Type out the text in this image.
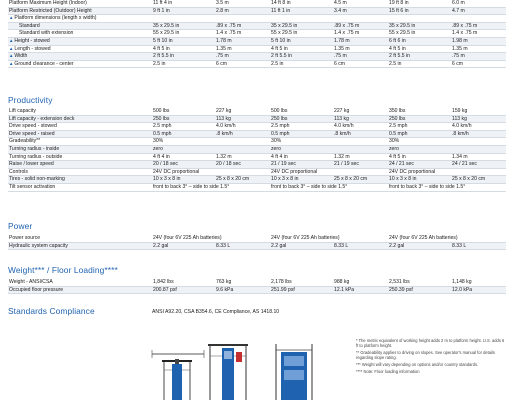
Platform Maximum Height (Indoor)	11 ft 4 in	3.5 m	14 ft 8 in	4.5 m	19 ft 8 in	6.0 m
Platform Restricted (Outdoor) Height	9 ft 1 in	2.8 m	11 ft 1 in	3.4 m	15 ft 6 in	4.7 m
▲Platform dimensions (length x width)						
Standard	35 x 29.5 in	.89 x .75 m	35 x 29.5 in	.89 x .75 m	35 x 29.5 in	.89 x .75 m
Standard with extension	55 x 29.5 in	1.4 x .75 m	55 x 29.5 in	1.4 x .75 m	55 x 29.5 in	1.4 x .75 m
▲Height - stowed	5 ft 10 in	1.78 m	5 ft 10 in	1.78 m	6 ft 6 in	1.98 m
▲Length - stowed	4 ft 5 in	1.35 m	4 ft 5 in	1.35 m	4 ft 5 in	1.35 m
▲Width	2 ft 5.5 in	.75 m	2 ft 5.5 in	.75 m	2 ft 5.5 in	.75 m
▲Ground clearance - center	2.5 in	6 cm	2.5 in	6 cm	2.5 in	6 cm
Productivity
Lift capacity	500 lbs	227 kg	500 lbs	227 kg	350 lbs	159 kg
Lift capacity - extension deck	250 lbs	113 kg	250 lbs	113 kg	250 lbs	113 kg
Drive speed - stowed	2.5 mph	4.0 km/h	2.5 mph	4.0 km/h	2.5 mph	4.0 km/h
Drive speed - raised	0.5 mph	.8 km/h	0.5 mph	.8 km/h	0.5 mph	.8 km/h
Gradeability**	30%		30%		30%	
Turning radius - inside	zero		zero		zero	
Turning radius - outside	4 ft 4 in	1.32 m	4 ft 4 in	1.32 m	4 ft 5 in	1.34 m
Raise / lower speed	20 / 18 sec	20 / 18 sec	21 / 19 sec	21 / 19 sec	24 / 21 sec	24 / 21 sec
Controls	24V DC proportional		24V DC proportional		24V DC proportional	
Tires - solid non-marking	10 x 3 x 8 in	25 x 8 x 20 cm	10 x 3 x 8 in	25 x 8 x 20 cm	10 x 3 x 8 in	25 x 8 x 20 cm
Tilt sensor activation	front to back 3° – side to side 1.5°		front to back 3° – side to side 1.5°		front to back 3° – side to side 1.5°	
Power
Power source	24V (four 6V 225 Ah batteries)		24V (four 6V 225 Ah batteries)		24V (four 6V 225 Ah batteries)	
Hydraulic system capacity	2.2 gal	8.33 L	2.2 gal	8.33 L	2.2 gal	8.33 L
Weight*** / Floor Loading****
Weight - ANSI/CSA	1,842 lbs	763 kg	2,178 lbs	988 kg	2,531 lbs	1,148 kg
Occupied floor pressure	200.87 psf	9.6 kPa	251.99 psf	12.1 kPa	250.39 psf	12.0 kPa
Standards Compliance	ANSI A92.20, CSA B354.6, CE Compliance, AS 1418.10

* The metric equivalent of working height adds 2 m to platform height. U.S. adds 6 ft to platform height.

** Gradeability applies to driving on slopes. See operator's manual for details regarding slope rating.

*** Weight will vary depending on options and/or country standards.

**** Note: Floor loading information
